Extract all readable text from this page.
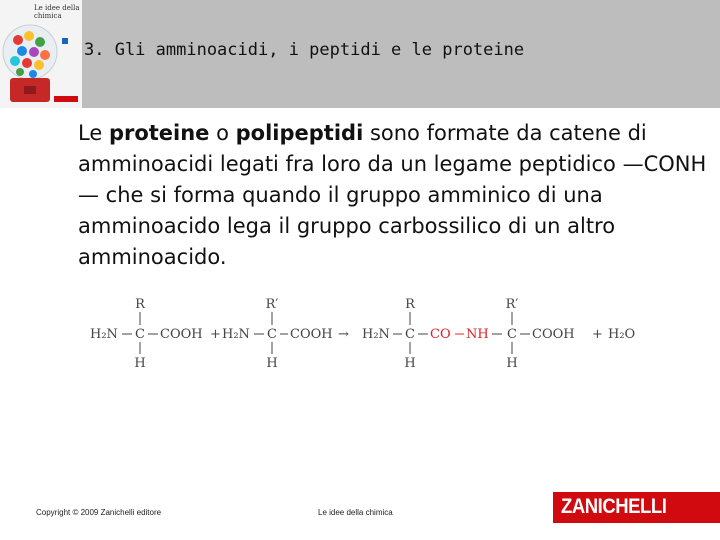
Le idee della chimica
3. Gli amminoacidi, i peptidi e le proteine
Le proteine o polipeptidi sono formate da catene di amminoacidi legati fra loro da un legame peptidico —CONH— che si forma quando il gruppo amminico di una amminoacido lega il gruppo carbossilico di un altro amminoacido.
R
H₂N C COOH
H
+ H₂N
R′
C COOH
H
→ H₂N
R
C CO NH
R′
C COOH
H	H
+ H₂O
Copyright © 2009 Zanichelli editore	Le idee della chimica	ZANICHELLI
